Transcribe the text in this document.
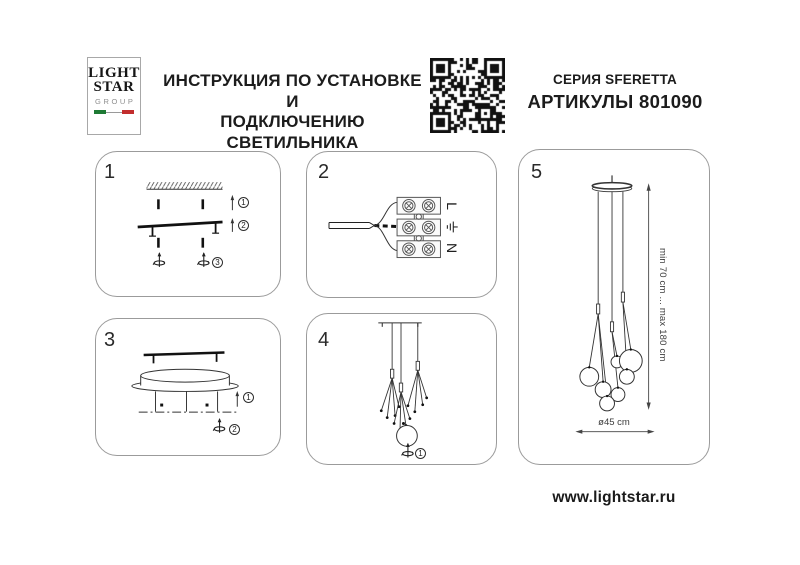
LIGHT
STAR
GROUP
ИНСТРУКЦИЯ ПО УСТАНОВКЕ И
ПОДКЛЮЧЕНИЮ СВЕТИЛЬНИКА
СЕРИЯ SFERETTA
АРТИКУЛЫ 801090
1	2
3	4
5
1
2
3
1
2
1
L
N	min 70 cm ... max 180 cm
ø45 cm
www.lightstar.ru
